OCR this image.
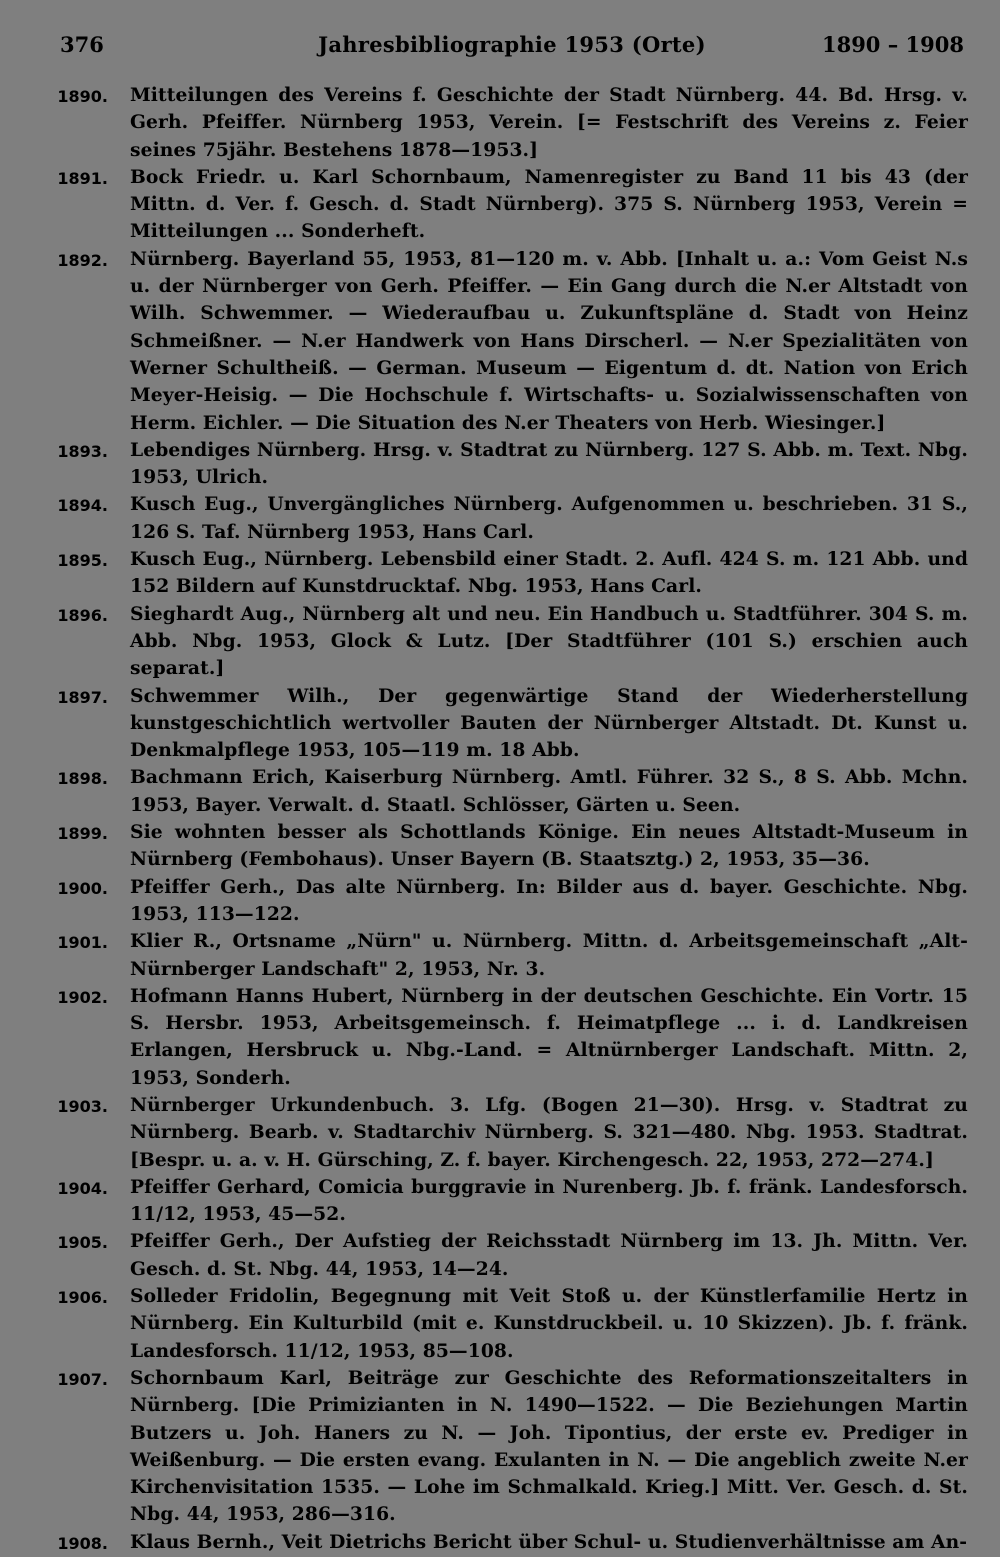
376	Jahresbibliographie 1953 (Orte)	1890 – 1908
1890. Mitteilungen des Vereins f. Geschichte der Stadt Nürnberg. 44. Bd. Hrsg. v. Gerh. Pfeiffer. Nürnberg 1953, Verein. [= Festschrift des Vereins z. Feier seines 75jähr. Bestehens 1878—1953.]
1891. Bock Friedr. u. Karl Schornbaum, Namenregister zu Band 11 bis 43 (der Mittn. d. Ver. f. Gesch. d. Stadt Nürnberg). 375 S. Nürnberg 1953, Verein = Mitteilungen ... Sonderheft.
1892. Nürnberg. Bayerland 55, 1953, 81—120 m. v. Abb. [Inhalt u. a.: Vom Geist N.s u. der Nürnberger von Gerh. Pfeiffer. — Ein Gang durch die N.er Altstadt von Wilh. Schwemmer. — Wiederaufbau u. Zukunftspläne d. Stadt von Heinz Schmeißner. — N.er Handwerk von Hans Dirscherl. — N.er Spezialitäten von Werner Schultheiß. — German. Museum — Eigentum d. dt. Nation von Erich Meyer-Heisig. — Die Hochschule f. Wirtschafts- u. Sozialwissenschaften von Herm. Eichler. — Die Situation des N.er Theaters von Herb. Wiesinger.]
1893. Lebendiges Nürnberg. Hrsg. v. Stadtrat zu Nürnberg. 127 S. Abb. m. Text. Nbg. 1953, Ulrich.
1894. Kusch Eug., Unvergängliches Nürnberg. Aufgenommen u. beschrieben. 31 S., 126 S. Taf. Nürnberg 1953, Hans Carl.
1895. Kusch Eug., Nürnberg. Lebensbild einer Stadt. 2. Aufl. 424 S. m. 121 Abb. und 152 Bildern auf Kunstdrucktaf. Nbg. 1953, Hans Carl.
1896. Sieghardt Aug., Nürnberg alt und neu. Ein Handbuch u. Stadtführer. 304 S. m. Abb. Nbg. 1953, Glock & Lutz. [Der Stadtführer (101 S.) erschien auch separat.]
1897. Schwemmer Wilh., Der gegenwärtige Stand der Wiederherstellung kunstgeschichtlich wertvoller Bauten der Nürnberger Altstadt. Dt. Kunst u. Denkmalpflege 1953, 105—119 m. 18 Abb.
1898. Bachmann Erich, Kaiserburg Nürnberg. Amtl. Führer. 32 S., 8 S. Abb. Mchn. 1953, Bayer. Verwalt. d. Staatl. Schlösser, Gärten u. Seen.
1899. Sie wohnten besser als Schottlands Könige. Ein neues Altstadt-Museum in Nürnberg (Fembohaus). Unser Bayern (B. Staatsztg.) 2, 1953, 35—36.
1900. Pfeiffer Gerh., Das alte Nürnberg. In: Bilder aus d. bayer. Geschichte. Nbg. 1953, 113—122.
1901. Klier R., Ortsname „Nürn" u. Nürnberg. Mittn. d. Arbeitsgemeinschaft „Alt-Nürnberger Landschaft" 2, 1953, Nr. 3.
1902. Hofmann Hanns Hubert, Nürnberg in der deutschen Geschichte. Ein Vortr. 15 S. Hersbr. 1953, Arbeitsgemeinsch. f. Heimatpflege ... i. d. Landkreisen Erlangen, Hersbruck u. Nbg.-Land. = Altnürnberger Landschaft. Mittn. 2, 1953, Sonderh.
1903. Nürnberger Urkundenbuch. 3. Lfg. (Bogen 21—30). Hrsg. v. Stadtrat zu Nürnberg. Bearb. v. Stadtarchiv Nürnberg. S. 321—480. Nbg. 1953. Stadtrat. [Bespr. u. a. v. H. Gürsching, Z. f. bayer. Kirchengesch. 22, 1953, 272—274.]
1904. Pfeiffer Gerhard, Comicia burggravie in Nurenberg. Jb. f. fränk. Landesforsch. 11/12, 1953, 45—52.
1905. Pfeiffer Gerh., Der Aufstieg der Reichsstadt Nürnberg im 13. Jh. Mittn. Ver. Gesch. d. St. Nbg. 44, 1953, 14—24.
1906. Solleder Fridolin, Begegnung mit Veit Stoß u. der Künstlerfamilie Hertz in Nürnberg. Ein Kulturbild (mit e. Kunstdruckbeil. u. 10 Skizzen). Jb. f. fränk. Landesforsch. 11/12, 1953, 85—108.
1907. Schornbaum Karl, Beiträge zur Geschichte des Reformationszeitalters in Nürnberg. [Die Primizianten in N. 1490—1522. — Die Beziehungen Martin Butzers u. Joh. Haners zu N. — Joh. Tipontius, der erste ev. Prediger in Weißenburg. — Die ersten evang. Exulanten in N. — Die angeblich zweite N.er Kirchenvisitation 1535. — Lohe im Schmalkald. Krieg.] Mitt. Ver. Gesch. d. St. Nbg. 44, 1953, 286—316.
1908. Klaus Bernh., Veit Dietrichs Bericht über Schul- u. Studienverhältnisse am An-
